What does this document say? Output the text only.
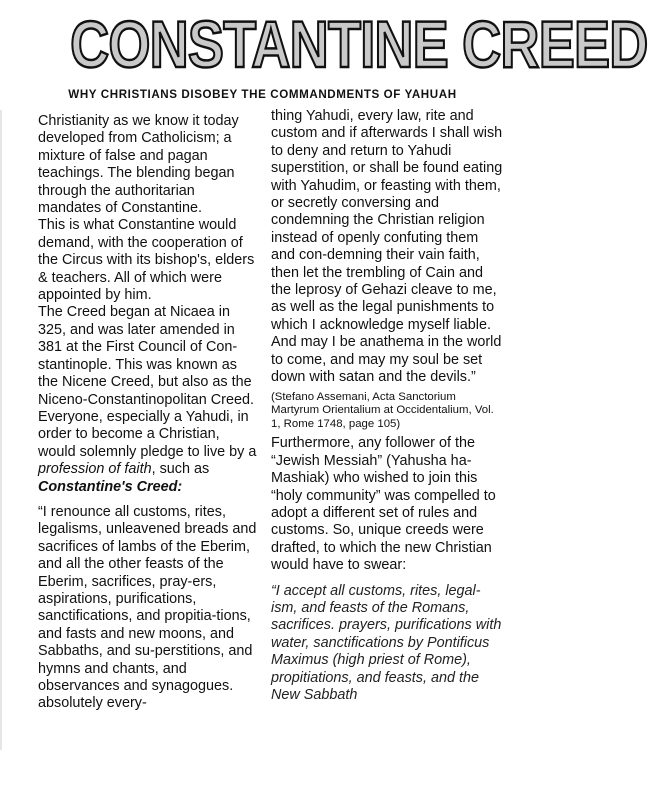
CONSTANTINE CREED
WHY CHRISTIANS DISOBEY THE COMMANDMENTS OF YAHUAH

Christianity as we know it today developed from Catholicism; a mixture of false and pagan teachings. The blending began through the authoritarian mandates of Constantine.

This is what Constantine would demand, with the cooperation of the Circus with its bishop's, elders & teachers. All of which were appointed by him.

The Creed began at Nicaea in 325, and was later amended in 381 at the First Council of Con-stantinople. This was known as the Nicene Creed, but also as the Niceno-Constantinopolitan Creed.

Everyone, especially a Yahudi, in order to become a Christian, would solemnly pledge to live by a profession of faith, such as Constantine's Creed:

“I renounce all customs, rites, legalisms, unleavened breads and sacrifices of lambs of the Eberim, and all the other feasts of the Eberim, sacrifices, pray-ers, aspirations, purifications, sanctifications, and propitia-tions, and fasts and new moons, and Sabbaths, and su-perstitions, and hymns and chants, and observances and synagogues. absolutely every-

thing Yahudi, every law, rite and custom and if afterwards I shall wish to deny and return to Yahudi superstition, or shall be found eating with Yahudim, or feasting with them, or secretly conversing and condemning the Christian religion instead of openly confuting them and con-demning their vain faith, then let the trembling of Cain and the leprosy of Gehazi cleave to me, as well as the legal punishments to which I acknowledge myself liable. And may I be anathema in the world to come, and may my soul be set down with satan and the devils.”

(Stefano Assemani, Acta Sanctorium Martyrum Orientalium at Occidentalium, Vol. 1, Rome 1748, page 105)

Furthermore, any follower of the “Jewish Messiah” (Yahusha ha-Mashiak) who wished to join this “holy community” was compelled to adopt a different set of rules and customs. So, unique creeds were drafted, to which the new Christian would have to swear:

“I accept all customs, rites, legal-ism, and feasts of the Romans, sacrifices. prayers, purifications with water, sanctifications by Pontificus Maximus (high priest of Rome), propitiations, and feasts, and the New Sabbath
